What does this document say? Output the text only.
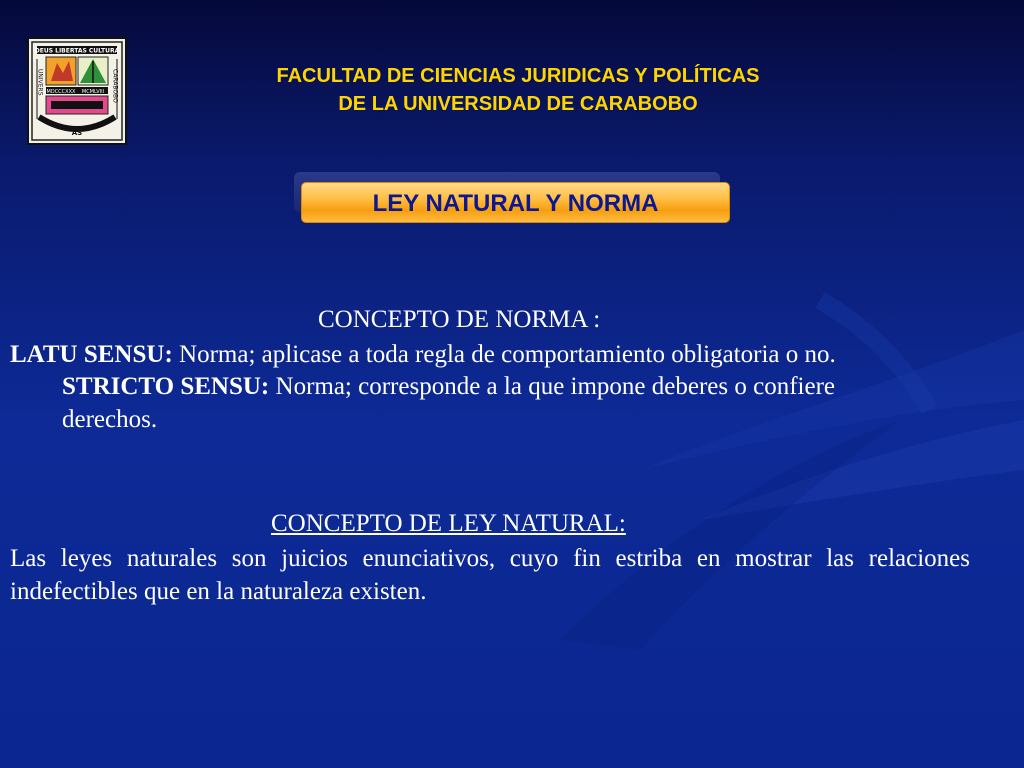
DEUS LIBERTAS CULTURA
MDCCCXXX MCMLVIII
UNIVERS	CARABOBO
AS
FACULTAD DE CIENCIAS JURIDICAS Y POLÍTICAS
DE LA UNIVERSIDAD DE CARABOBO
LEY NATURAL Y NORMA
CONCEPTO DE NORMA :
LATU SENSU: Norma; aplicase a toda regla de comportamiento obligatoria o no.
STRICTO SENSU: Norma; corresponde a la que impone deberes o confiere
derechos.
CONCEPTO DE LEY NATURAL:
Las leyes naturales son juicios enunciativos, cuyo fin estriba en mostrar las relaciones indefectibles que en la naturaleza existen.
